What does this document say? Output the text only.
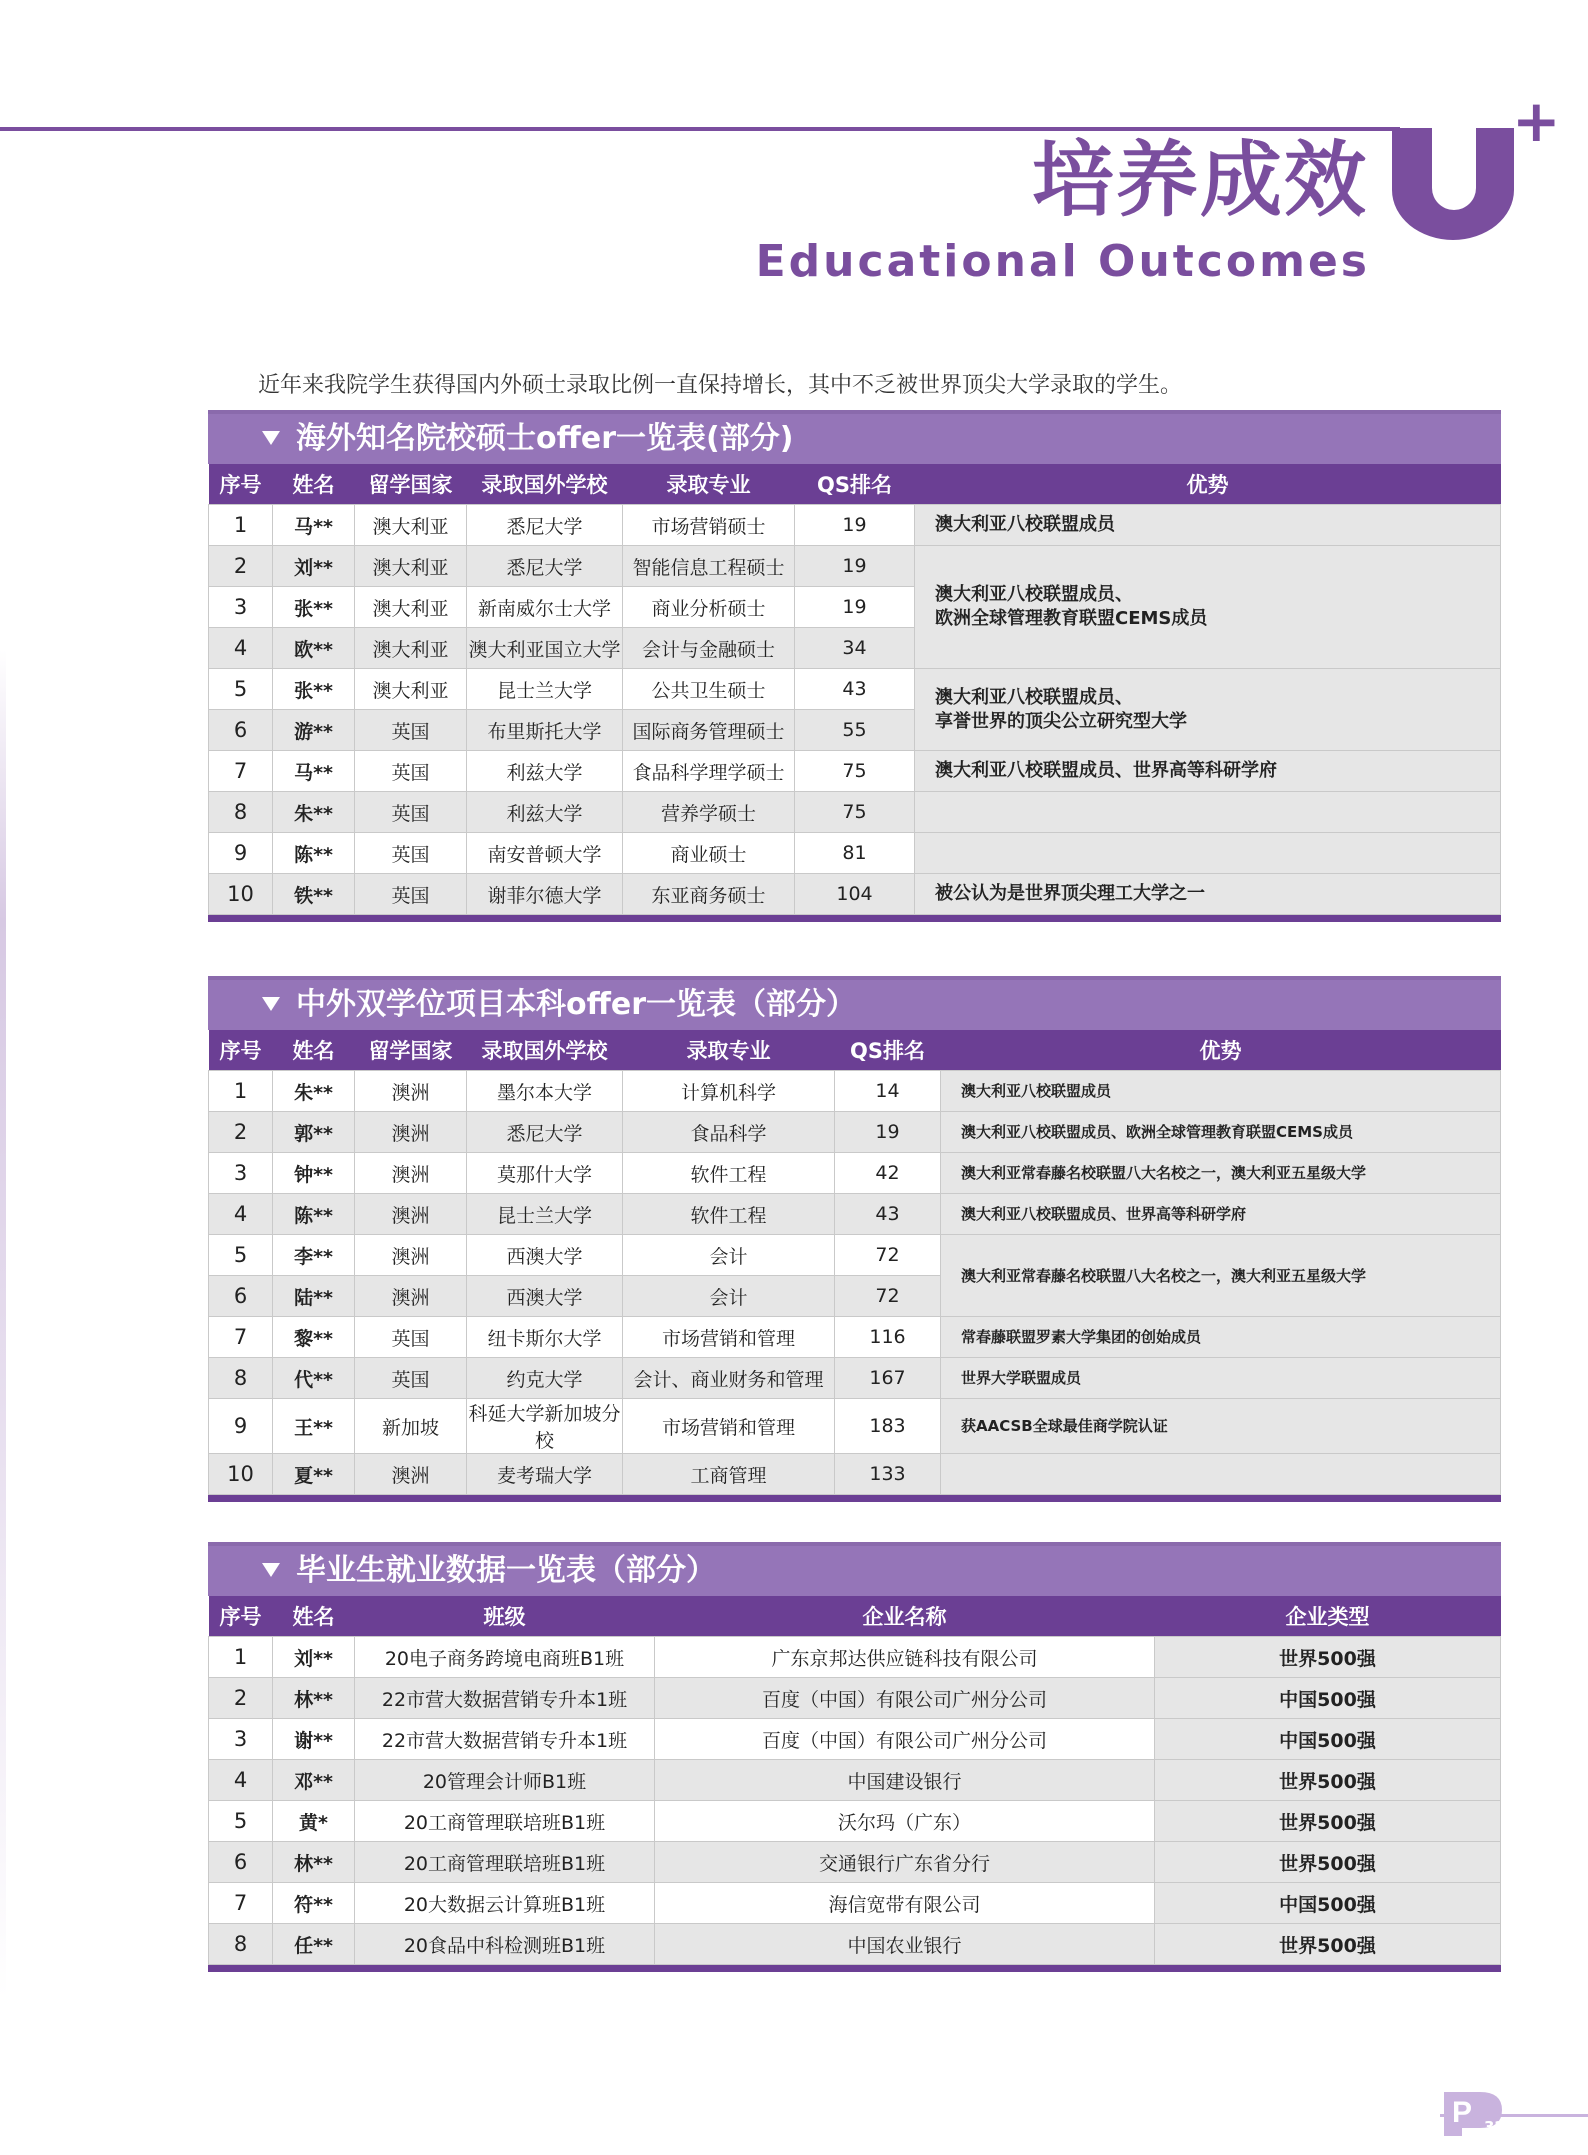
+
培养成效
Educational Outcomes
近年来我院学生获得国内外硕士录取比例一直保持增长，其中不乏被世界顶尖大学录取的学生。
海外知名院校硕士offer一览表(部分)
序号	姓名	留学国家	录取国外学校	录取专业	QS排名	优势
1	马**	澳大利亚	悉尼大学	市场营销硕士	19	澳大利亚八校联盟成员
2	刘**	澳大利亚	悉尼大学	智能信息工程硕士	19	澳大利亚八校联盟成员、
欧洲全球管理教育联盟CEMS成员
3	张**	澳大利亚	新南威尔士大学	商业分析硕士	19	
4	欧**	澳大利亚	澳大利亚国立大学	会计与金融硕士	34	
5	张**	澳大利亚	昆士兰大学	公共卫生硕士	43	澳大利亚八校联盟成员、
享誉世界的顶尖公立研究型大学
6	游**	英国	布里斯托大学	国际商务管理硕士	55	
7	马**	英国	利兹大学	食品科学理学硕士	75	澳大利亚八校联盟成员、世界高等科研学府
8	朱**	英国	利兹大学	营养学硕士	75	
9	陈**	英国	南安普顿大学	商业硕士	81	
10	铁**	英国	谢菲尔德大学	东亚商务硕士	104	被公认为是世界顶尖理工大学之一
中外双学位项目本科offer一览表（部分）
序号	姓名	留学国家	录取国外学校	录取专业	QS排名	优势
1	朱**	澳洲	墨尔本大学	计算机科学	14	澳大利亚八校联盟成员
2	郭**	澳洲	悉尼大学	食品科学	19	澳大利亚八校联盟成员、欧洲全球管理教育联盟CEMS成员
3	钟**	澳洲	莫那什大学	软件工程	42	澳大利亚常春藤名校联盟八大名校之一，澳大利亚五星级大学
4	陈**	澳洲	昆士兰大学	软件工程	43	澳大利亚八校联盟成员、世界高等科研学府
5	李**	澳洲	西澳大学	会计	72	澳大利亚常春藤名校联盟八大名校之一，澳大利亚五星级大学
6	陆**	澳洲	西澳大学	会计	72	
7	黎**	英国	纽卡斯尔大学	市场营销和管理	116	常春藤联盟罗素大学集团的创始成员
8	代**	英国	约克大学	会计、商业财务和管理	167	世界大学联盟成员
9	王**	新加坡	科延大学新加坡分校	市场营销和管理	183	获AACSB全球最佳商学院认证
10	夏**	澳洲	麦考瑞大学	工商管理	133	
毕业生就业数据一览表（部分）
序号	姓名	班级	企业名称	企业类型
1	刘**	20电子商务跨境电商班B1班	广东京邦达供应链科技有限公司	世界500强
2	林**	22市营大数据营销专升本1班	百度（中国）有限公司广州分公司	中国500强
3	谢**	22市营大数据营销专升本1班	百度（中国）有限公司广州分公司	中国500强
4	邓**	20管理会计师B1班	中国建设银行	世界500强
5	黄*	20工商管理联培班B1班	沃尔玛（广东）	世界500强
6	林**	20工商管理联培班B1班	交通银行广东省分行	世界500强
7	符**	20大数据云计算班B1班	海信宽带有限公司	中国500强
8	任**	20食品中科检测班B1班	中国农业银行	世界500强
P 32
